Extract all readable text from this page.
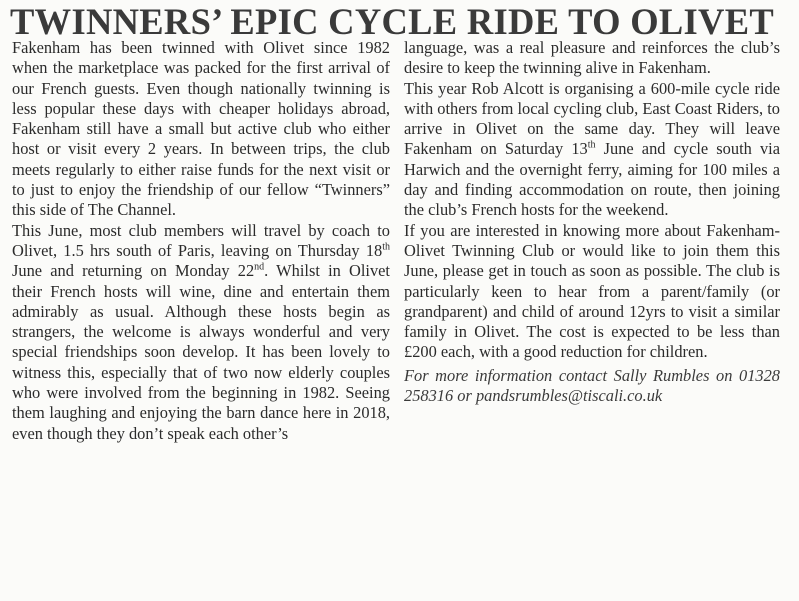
TWINNERS’ EPIC CYCLE RIDE TO OLIVET

Fakenham has been twinned with Olivet since 1982 when the marketplace was packed for the first arrival of our French guests. Even though nationally twinning is less popular these days with cheaper holidays abroad, Fakenham still have a small but active club who either host or visit every 2 years. In between trips, the club meets regularly to either raise funds for the next visit or to just to enjoy the friendship of our fellow “Twinners” this side of The Channel.

This June, most club members will travel by coach to Olivet, 1.5 hrs south of Paris, leaving on Thursday 18th June and returning on Monday 22nd. Whilst in Olivet their French hosts will wine, dine and entertain them admirably as usual. Although these hosts begin as strangers, the welcome is always wonderful and very special friendships soon develop. It has been lovely to witness this, especially that of two now elderly couples who were involved from the beginning in 1982. Seeing them laughing and enjoying the barn dance here in 2018, even though they don’t speak each other’s

language, was a real pleasure and reinforces the club’s desire to keep the twinning alive in Fakenham.

This year Rob Alcott is organising a 600-mile cycle ride with others from local cycling club, East Coast Riders, to arrive in Olivet on the same day. They will leave Fakenham on Saturday 13th June and cycle south via Harwich and the overnight ferry, aiming for 100 miles a day and finding accommodation on route, then joining the club’s French hosts for the weekend.

If you are interested in knowing more about Fakenham-Olivet Twinning Club or would like to join them this June, please get in touch as soon as possible. The club is particularly keen to hear from a parent/family (or grandparent) and child of around 12yrs to visit a similar family in Olivet. The cost is expected to be less than £200 each, with a good reduction for children.

For more information contact Sally Rumbles on 01328 258316 or pandsrumbles@tiscali.co.uk
